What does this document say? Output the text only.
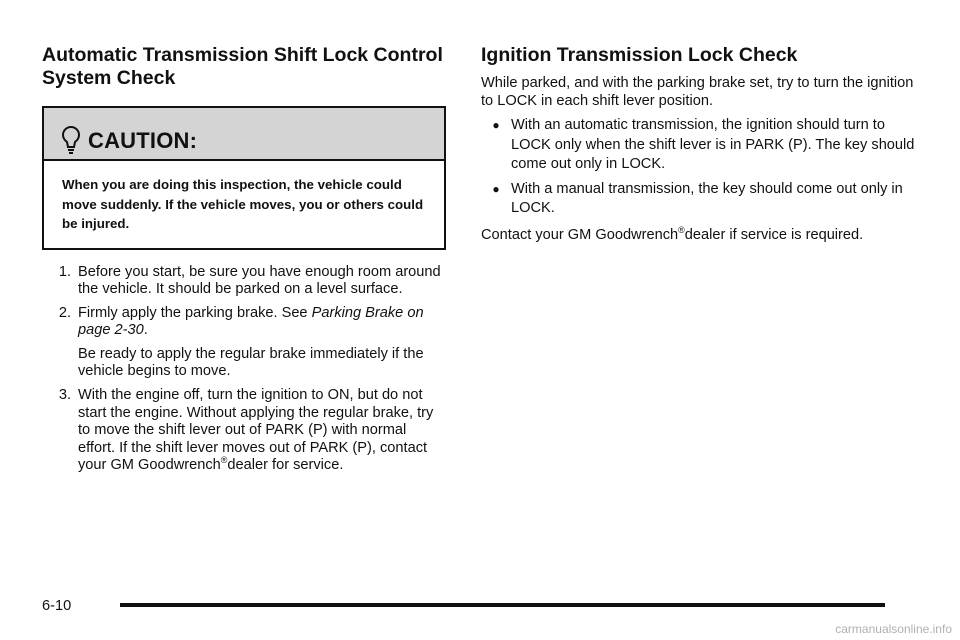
Automatic Transmission Shift Lock Control System Check
CAUTION:
When you are doing this inspection, the vehicle could move suddenly. If the vehicle moves, you or others could be injured.
1. Before you start, be sure you have enough room around the vehicle. It should be parked on a level surface.
2. Firmly apply the parking brake. See Parking Brake on page 2-30.
Be ready to apply the regular brake immediately if the vehicle begins to move.
3. With the engine off, turn the ignition to ON, but do not start the engine. Without applying the regular brake, try to move the shift lever out of PARK (P) with normal effort. If the shift lever moves out of PARK (P), contact your GM Goodwrench®dealer for service.
Ignition Transmission Lock Check
While parked, and with the parking brake set, try to turn the ignition to LOCK in each shift lever position.
● With an automatic transmission, the ignition should turn to LOCK only when the shift lever is in PARK (P). The key should come out only in LOCK.
● With a manual transmission, the key should come out only in LOCK.
Contact your GM Goodwrench®dealer if service is required.
6-10
carmanualsonline.info
